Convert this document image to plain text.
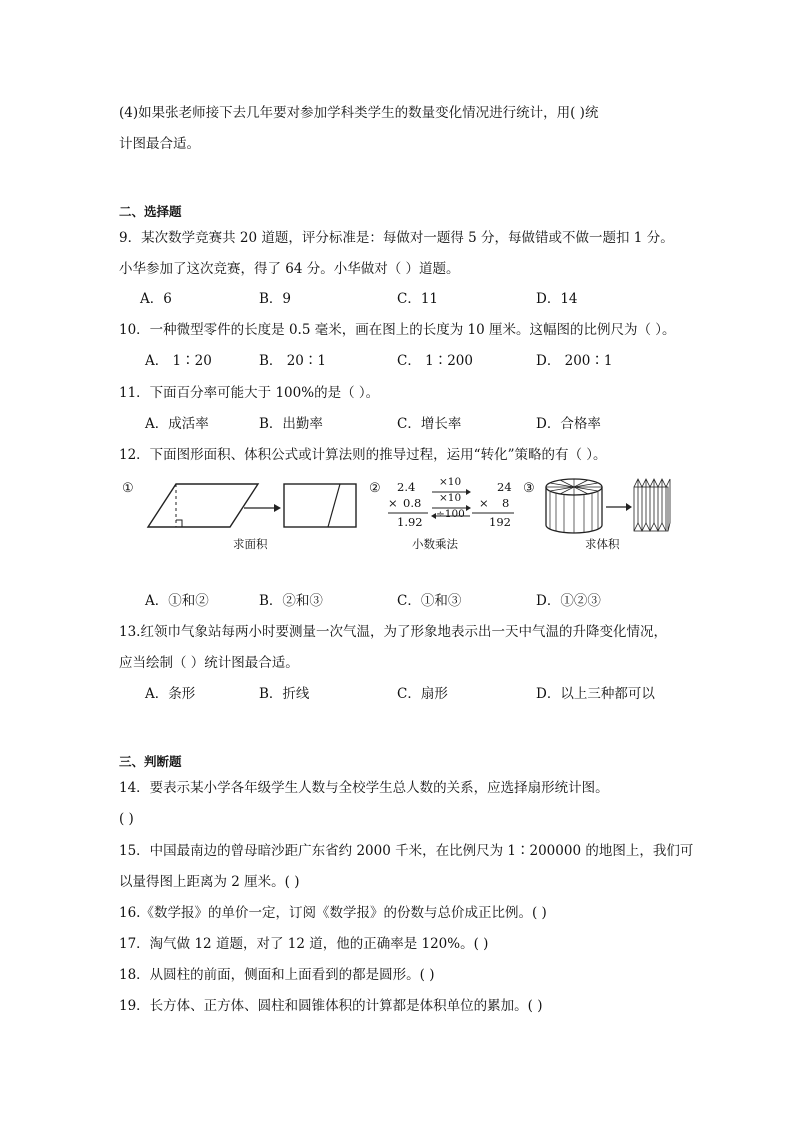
(4)如果张老师接下去几年要对参加学科类学生的数量变化情况进行统计，用( )统
计图最合适。
二、选择题
9．某次数学竞赛共 20 道题，评分标准是：每做对一题得 5 分，每做错或不做一题扣 1 分。
小华参加了这次竞赛，得了 64 分。小华做对（ ）道题。
A．6	B．9	C．11	D．14
10．一种微型零件的长度是 0.5 毫米，画在图上的长度为 10 厘米。这幅图的比例尺为（ ）。
A． 1∶20	B． 20∶1	C． 1∶200	D． 200∶1
11．下面百分率可能大于 100%的是（ ）。
A．成活率	B．出勤率	C．增长率	D．合格率
12．下面图形面积、体积公式或计算法则的推导过程，运用“转化”策略的有（ ）。
①
求面积
② 2.4
× 0.8
1.92
×10
×10
÷100
24
× 8
192
小数乘法
③
求体积
A．①和②	B．②和③	C．①和③	D．①②③
13.红领巾气象站每两小时要测量一次气温，为了形象地表示出一天中气温的升降变化情况，
应当绘制（ ）统计图最合适。
A．条形	B．折线	C．扇形	D．以上三种都可以
三、判断题
14．要表示某小学各年级学生人数与全校学生总人数的关系，应选择扇形统计图。
( )
15．中国最南边的曾母暗沙距广东省约 2000 千米，在比例尺为 1∶200000 的地图上，我们可
以量得图上距离为 2 厘米。( )
16.《数学报》的单价一定，订阅《数学报》的份数与总价成正比例。( )
17．淘气做 12 道题，对了 12 道，他的正确率是 120%。( )
18．从圆柱的前面，侧面和上面看到的都是圆形。( )
19．长方体、正方体、圆柱和圆锥体积的计算都是体积单位的累加。( )
